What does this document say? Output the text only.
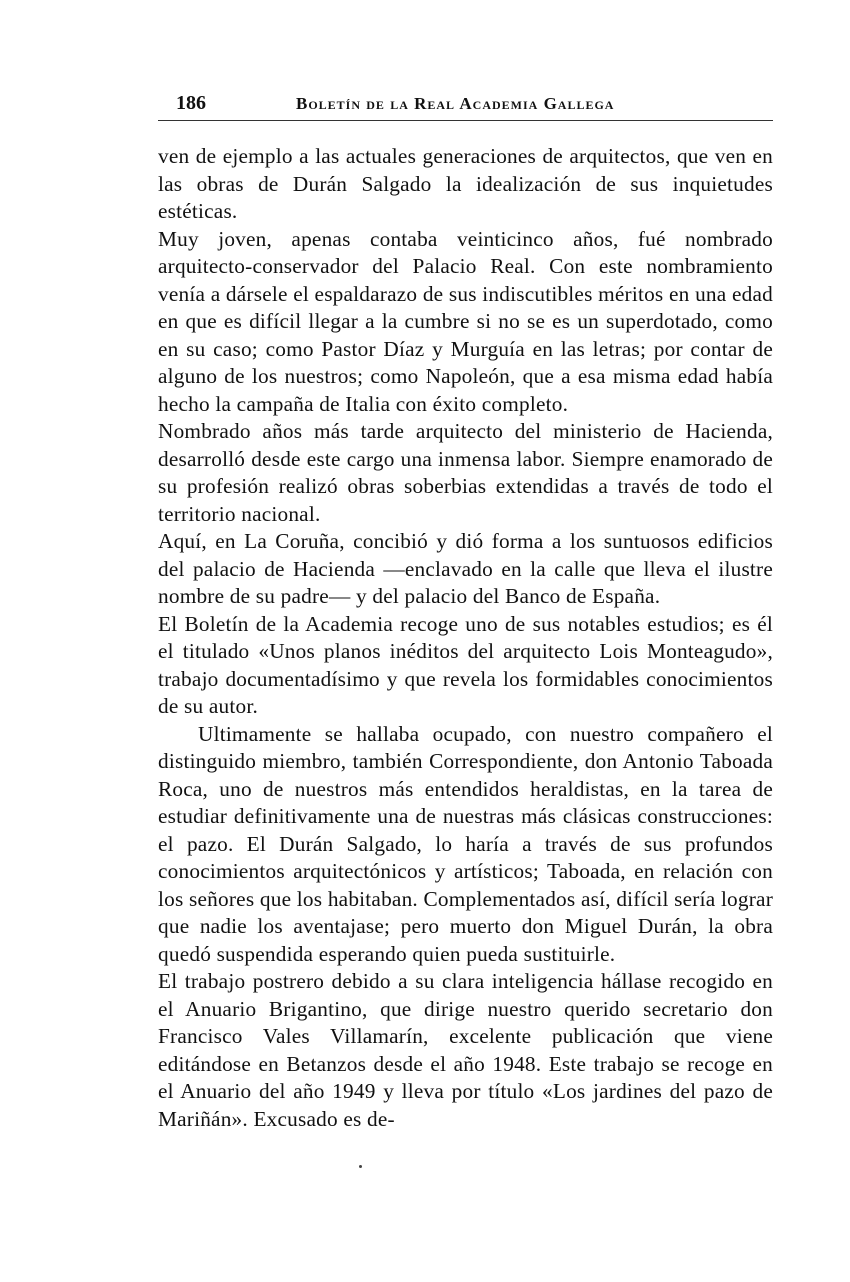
186	Boletín de la Real Academia Gallega

ven de ejemplo a las actuales generaciones de arquitectos, que ven en las obras de Durán Salgado la idealización de sus inquietudes estéticas.

Muy joven, apenas contaba veinticinco años, fué nombrado arquitecto-conservador del Palacio Real. Con este nombramiento venía a dársele el espaldarazo de sus indiscutibles méritos en una edad en que es difícil llegar a la cumbre si no se es un superdotado, como en su caso; como Pastor Díaz y Murguía en las letras; por contar de alguno de los nuestros; como Napoleón, que a esa misma edad había hecho la campaña de Italia con éxito completo.

Nombrado años más tarde arquitecto del ministerio de Hacienda, desarrolló desde este cargo una inmensa labor. Siempre enamorado de su profesión realizó obras soberbias extendidas a través de todo el territorio nacional.

Aquí, en La Coruña, concibió y dió forma a los suntuosos edificios del palacio de Hacienda —enclavado en la calle que lleva el ilustre nombre de su padre— y del palacio del Banco de España.

El Boletín de la Academia recoge uno de sus notables estudios; es él el titulado «Unos planos inéditos del arquitecto Lois Monteagudo», trabajo documentadísimo y que revela los formidables conocimientos de su autor.

Ultimamente se hallaba ocupado, con nuestro compañero el distinguido miembro, también Correspondiente, don Antonio Taboada Roca, uno de nuestros más entendidos heraldistas, en la tarea de estudiar definitivamente una de nuestras más clásicas construcciones: el pazo. El Durán Salgado, lo haría a través de sus profundos conocimientos arquitectónicos y artísticos; Taboada, en relación con los señores que los habitaban. Complementados así, difícil sería lograr que nadie los aventajase; pero muerto don Miguel Durán, la obra quedó suspendida esperando quien pueda sustituirle.

El trabajo postrero debido a su clara inteligencia hállase recogido en el Anuario Brigantino, que dirige nuestro querido secretario don Francisco Vales Villamarín, excelente publicación que viene editándose en Betanzos desde el año 1948. Este trabajo se recoge en el Anuario del año 1949 y lleva por título «Los jardines del pazo de Mariñán». Excusado es de-
